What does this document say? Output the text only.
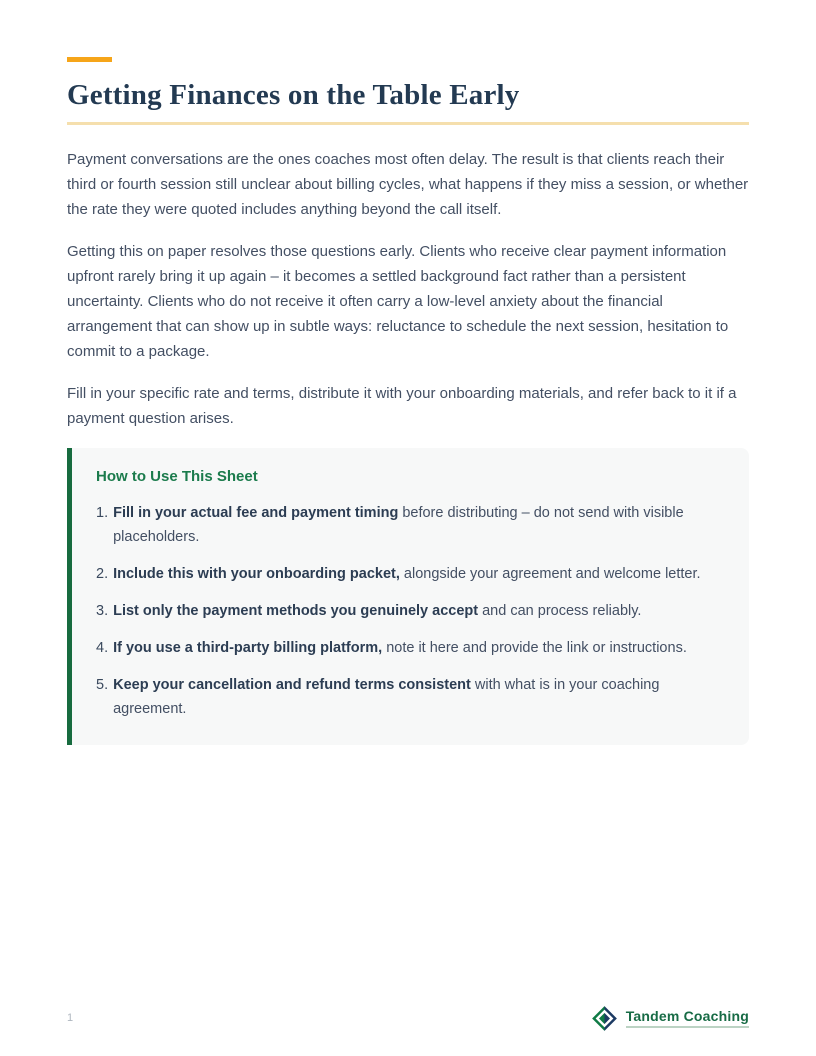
Getting Finances on the Table Early

Payment conversations are the ones coaches most often delay. The result is that clients reach their third or fourth session still unclear about billing cycles, what happens if they miss a session, or whether the rate they were quoted includes anything beyond the call itself.

Getting this on paper resolves those questions early. Clients who receive clear payment information upfront rarely bring it up again – it becomes a settled background fact rather than a persistent uncertainty. Clients who do not receive it often carry a low-level anxiety about the financial arrangement that can show up in subtle ways: reluctance to schedule the next session, hesitation to commit to a package.

Fill in your specific rate and terms, distribute it with your onboarding materials, and refer back to it if a payment question arises.

How to Use This Sheet
1. Fill in your actual fee and payment timing before distributing – do not send with visible placeholders.
2. Include this with your onboarding packet, alongside your agreement and welcome letter.
3. List only the payment methods you genuinely accept and can process reliably.
4. If you use a third-party billing platform, note it here and provide the link or instructions.
5. Keep your cancellation and refund terms consistent with what is in your coaching agreement.
1	Tandem Coaching
